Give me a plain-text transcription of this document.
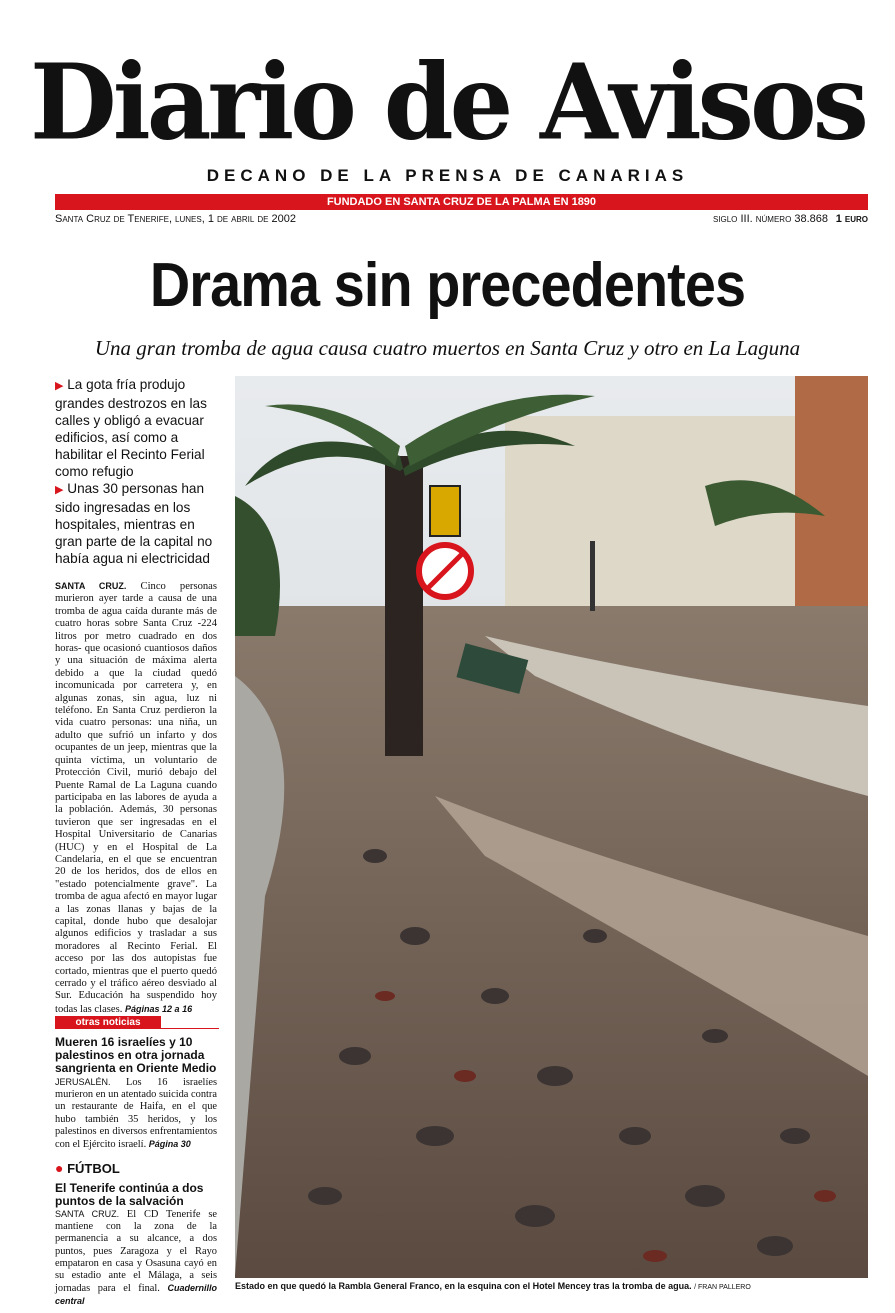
Diario de Avisos
DECANO DE LA PRENSA DE CANARIAS
FUNDADO EN SANTA CRUZ DE LA PALMA EN 1890
Santa Cruz de Tenerife, lunes, 1 de abril de 2002	siglo III. número 38.868 1 euro
Drama sin precedentes
Una gran tromba de agua causa cuatro muertos en Santa Cruz y otro en La Laguna
▶ La gota fría produjo grandes destrozos en las calles y obligó a evacuar edificios, así como a habilitar el Recinto Ferial como refugio
▶ Unas 30 personas han sido ingresadas en los hospitales, mientras en gran parte de la capital no había agua ni electricidad
SANTA CRUZ. Cinco personas murieron ayer tarde a causa de una tromba de agua caída durante más de cuatro horas sobre Santa Cruz -224 litros por metro cuadrado en dos horas- que ocasionó cuantiosos daños y una situación de máxima alerta debido a que la ciudad quedó incomunicada por carretera y, en algunas zonas, sin agua, luz ni teléfono. En Santa Cruz perdieron la vida cuatro personas: una niña, un adulto que sufrió un infarto y dos ocupantes de un jeep, mientras que la quinta víctima, un voluntario de Protección Civil, murió debajo del Puente Ramal de La Laguna cuando participaba en las labores de ayuda a la población. Además, 30 personas tuvieron que ser ingresadas en el Hospital Universitario de Canarias (HUC) y en el Hospital de La Candelaria, en el que se encuentran 20 de los heridos, dos de ellos en "estado potencialmente grave". La tromba de agua afectó en mayor lugar a las zonas llanas y bajas de la capital, donde hubo que desalojar algunos edificios y trasladar a sus moradores al Recinto Ferial. El acceso por las dos autopistas fue cortado, mientras que el puerto quedó cerrado y el tráfico aéreo desviado al Sur. Educación ha suspendido hoy todas las clases. Páginas 12 a 16
otras noticias
Mueren 16 israelíes y 10 palestinos en otra jornada sangrienta en Oriente Medio
JERUSALÉN. Los 16 israelíes murieron en un atentado suicida contra un restaurante de Haifa, en el que hubo también 35 heridos, y los palestinos en diversos enfrentamientos con el Ejército israelí. Página 30
● FÚTBOL
El Tenerife continúa a dos puntos de la salvación
SANTA CRUZ. El CD Tenerife se mantiene con la zona de la permanencia a su alcance, a dos puntos, pues Zaragoza y el Rayo empataron en casa y Osasuna cayó en su estadio ante el Málaga, a seis jornadas para el final. Cuadernillo central
Estado en que quedó la Rambla General Franco, en la esquina con el Hotel Mencey tras la tromba de agua. / FRAN PALLERO
